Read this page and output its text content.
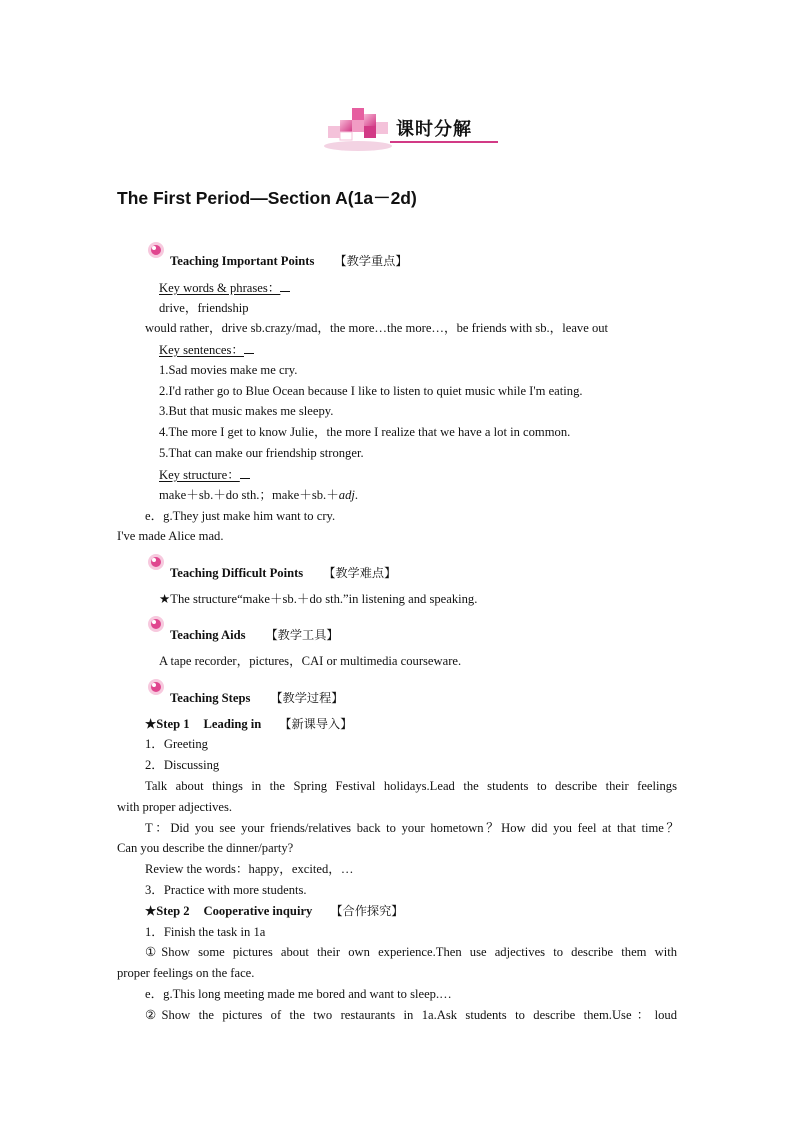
课时分解
The First Period—Section A(1a－2d)
Teaching Important Points 【教学重点】
Key words & phrases：
drive，friendship
would rather，drive sb.crazy/mad，the more…the more…，be friends with sb.，leave out
Key sentences：
1.Sad movies make me cry.
2.I'd rather go to Blue Ocean because I like to listen to quiet music while I'm eating.
3.But that music makes me sleepy.
4.The more I get to know Julie，the more I realize that we have a lot in common.
5.That can make our friendship stronger.
Key structure：
make＋sb.＋do sth.；make＋sb.＋adj.
e．g.They just make him want to cry.
I've made Alice mad.
Teaching Difficult Points 【教学难点】
★The structure“make＋sb.＋do sth.”in listening and speaking.
Teaching Aids 【教学工具】
A tape recorder，pictures，CAI or multimedia courseware.
Teaching Steps 【教学过程】
★Step 1 Leading in 【新课导入】
1．Greeting
2．Discussing
Talk about things in the Spring Festival holidays.Lead the students to describe their feelings
with proper adjectives.
T：Did you see your friends/relatives back to your hometown？How did you feel at that time？
Can you describe the dinner/party?
Review the words：happy，excited，…
3．Practice with more students.
★Step 2 Cooperative inquiry 【合作探究】
1．Finish the task in 1a
①Show some pictures about their own experience.Then use adjectives to describe them with
proper feelings on the face.
e．g.This long meeting made me bored and want to sleep.…
②Show the pictures of the two restaurants in 1a.Ask students to describe them.Use：loud
